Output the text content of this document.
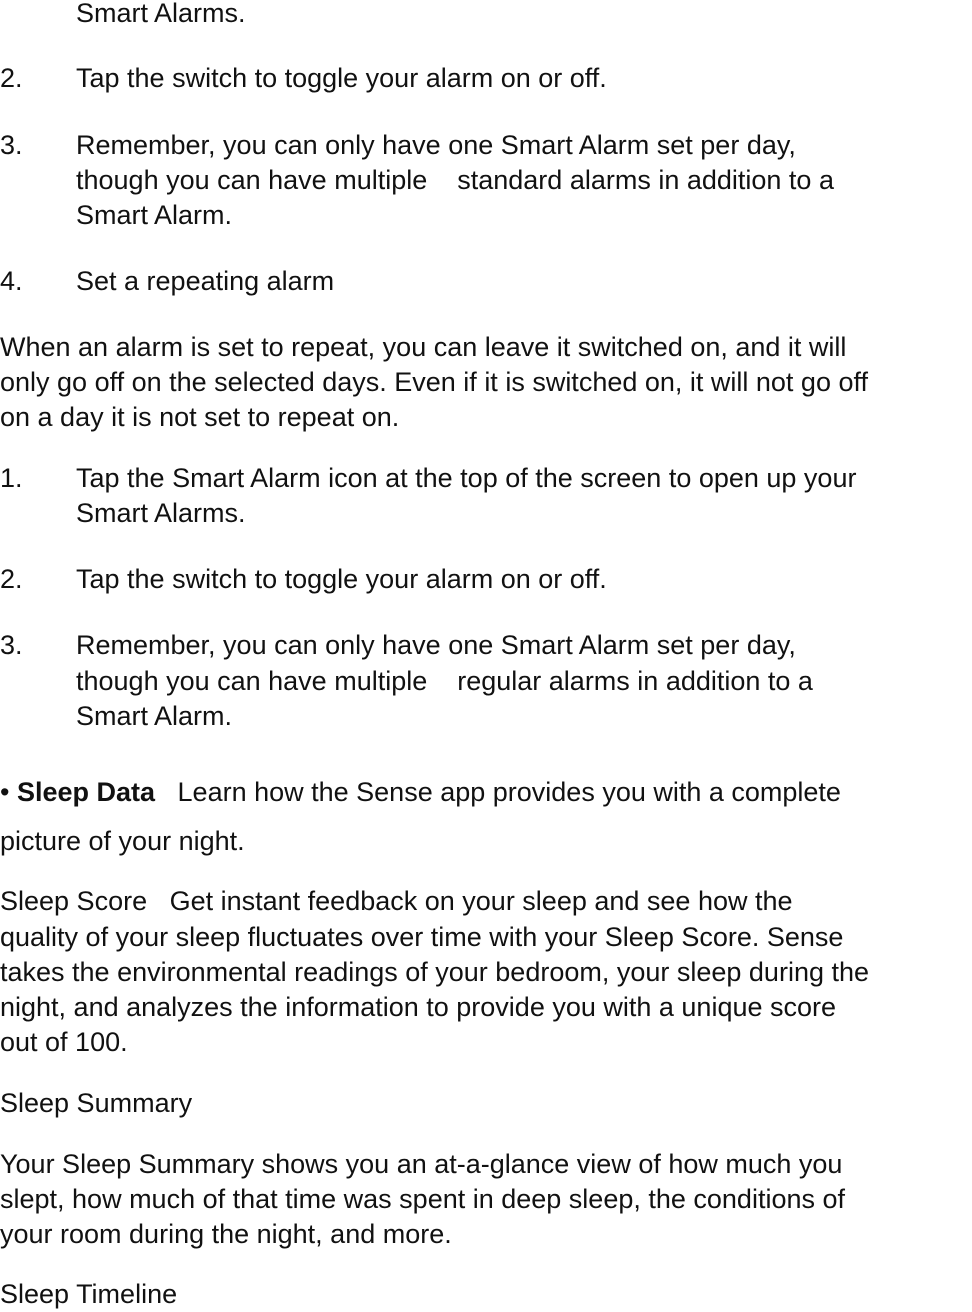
Smart Alarms.
2. Tap the switch to toggle your alarm on or off.
3. Remember, you can only have one Smart Alarm set per day,
though you can have multiple    standard alarms in addition to a
Smart Alarm.
4. Set a repeating alarm
When an alarm is set to repeat, you can leave it switched on, and it will
only go off on the selected days. Even if it is switched on, it will not go off
on a day it is not set to repeat on.
1. Tap the Smart Alarm icon at the top of the screen to open up your
Smart Alarms.
2. Tap the switch to toggle your alarm on or off.
3. Remember, you can only have one Smart Alarm set per day,
though you can have multiple    regular alarms in addition to a
Smart Alarm.
• Sleep Data   Learn how the Sense app provides you with a complete
picture of your night.
Sleep Score   Get instant feedback on your sleep and see how the
quality of your sleep fluctuates over time with your Sleep Score. Sense
takes the environmental readings of your bedroom, your sleep during the
night, and analyzes the information to provide you with a unique score
out of 100.
Sleep Summary
Your Sleep Summary shows you an at-a-glance view of how much you
slept, how much of that time was spent in deep sleep, the conditions of
your room during the night, and more.
Sleep Timeline
